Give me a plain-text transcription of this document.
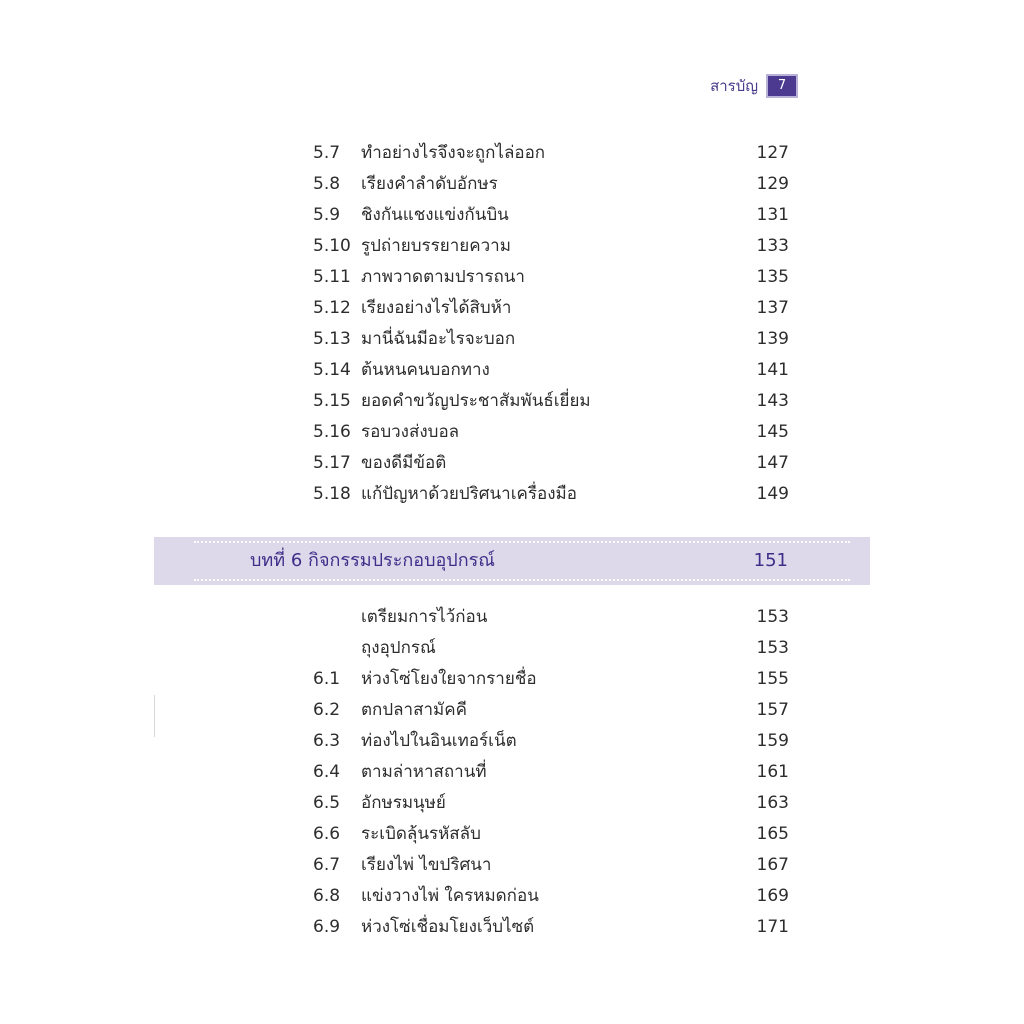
สารบัญ	7
5.7	ทำอย่างไรจึงจะถูกไล่ออก	127
5.8	เรียงคำลำดับอักษร	129
5.9	ชิงกันแชงแข่งกันบิน	131
5.10 รูปถ่ายบรรยายความ	133
5.11 ภาพวาดตามปรารถนา	135
5.12 เรียงอย่างไรได้สิบห้า	137
5.13 มานี่ฉันมีอะไรจะบอก	139
5.14 ต้นหนคนบอกทาง	141
5.15 ยอดคำขวัญประชาสัมพันธ์เยี่ยม	143
5.16 รอบวงส่งบอล	145
5.17 ของดีมีข้อติ	147
5.18 แก้ปัญหาด้วยปริศนาเครื่องมือ	149
บทที่ 6 กิจกรรมประกอบอุปกรณ์	151
เตรียมการไว้ก่อน	153
ถุงอุปกรณ์	153
6.1	ห่วงโซ่โยงใยจากรายชื่อ	155
6.2	ตกปลาสามัคคี	157
6.3	ท่องไปในอินเทอร์เน็ต	159
6.4	ตามล่าหาสถานที่	161
6.5	อักษรมนุษย์	163
6.6	ระเบิดลุ้นรหัสลับ	165
6.7	เรียงไพ่ ไขปริศนา	167
6.8	แข่งวางไพ่ ใครหมดก่อน	169
6.9	ห่วงโซ่เชื่อมโยงเว็บไซต์	171
